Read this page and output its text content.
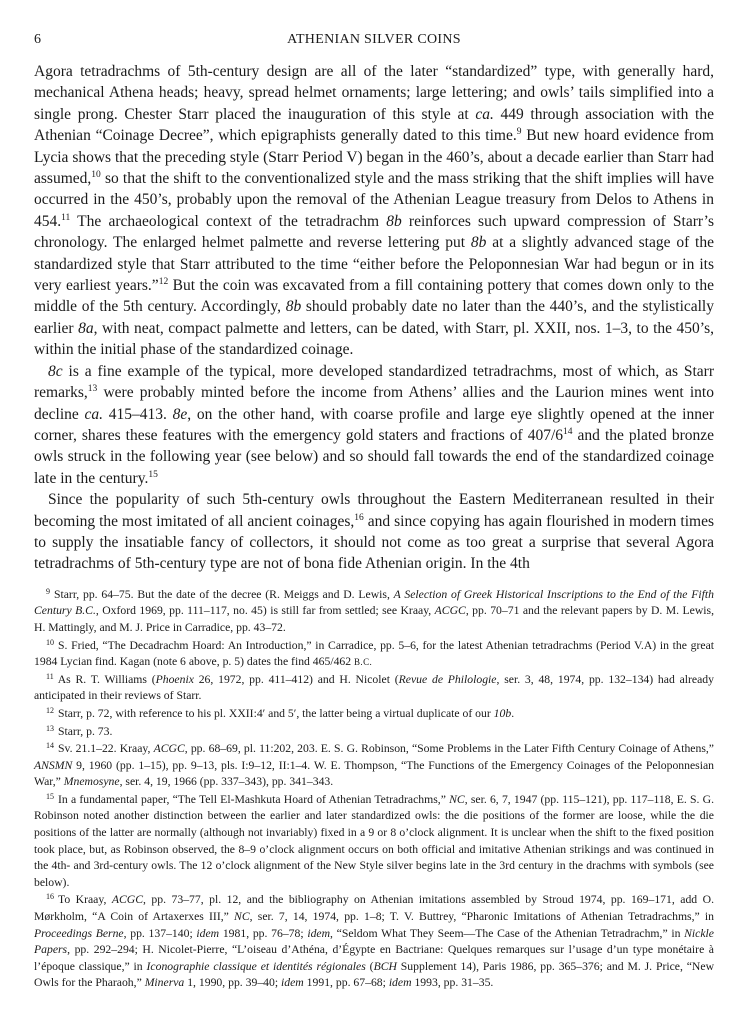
6	ATHENIAN SILVER COINS

Agora tetradrachms of 5th-century design are all of the later “standardized” type, with generally hard, mechanical Athena heads; heavy, spread helmet ornaments; large lettering; and owls’ tails simplified into a single prong. Chester Starr placed the inauguration of this style at ca. 449 through association with the Athenian “Coinage Decree”, which epigraphists generally dated to this time.$^9$ But new hoard evidence from Lycia shows that the preceding style (Starr Period V) began in the 460’s, about a decade earlier than Starr had assumed,$^{10}$ so that the shift to the conventionalized style and the mass striking that the shift implies will have occurred in the 450’s, probably upon the removal of the Athenian League treasury from Delos to Athens in 454.11 The archaeological context of the tetradrachm 8b reinforces such upward compression of Starr’s chronology. The enlarged helmet palmette and reverse lettering put 8b at a slightly advanced stage of the standardized style that Starr attributed to the time “either before the Peloponnesian War had begun or in its very earliest years.”$^{12}$ But the coin was excavated from a fill containing pottery that comes down only to the middle of the 5th century. Accordingly, 8b should probably date no later than the 440’s, and the stylistically earlier 8a, with neat, compact palmette and letters, can be dated, with Starr, pl. XXII, nos. 1–3, to the 450’s, within the initial phase of the standardized coinage.

8c is a fine example of the typical, more developed standardized tetradrachms, most of which, as Starr remarks,$^{13}$ were probably minted before the income from Athens’ allies and the Laurion mines went into decline ca. 415–413. 8e, on the other hand, with coarse profile and large eye slightly opened at the inner corner, shares these features with the emergency gold staters and fractions of $407/6^{14}$ and the plated bronze owls struck in the following year (see below) and so should fall towards the end of the standardized coinage late in the century.$^{15}$

Since the popularity of such 5th-century owls throughout the Eastern Mediterranean resulted in their becoming the most imitated of all ancient coinages,$^{16}$ and since copying has again flourished in modern times to supply the insatiable fancy of collectors, it should not come as too great a surprise that several Agora tetradrachms of 5th-century type are not of bona fide Athenian origin. In the 4th

$^9$ Starr, pp. 64–75. But the date of the decree (R. Meiggs and D. Lewis, A Selection of Greek Historical Inscriptions to the End of the Fifth Century B.C., Oxford 1969, pp. 111–117, no. 45) is still far from settled; see Kraay, ACGC, pp. 70–71 and the relevant papers by D. M. Lewis, H. Mattingly, and M. J. Price in Carradice, pp. 43–72.

$^{10}$ S. Fried, “The Decadrachm Hoard: An Introduction,” in Carradice, pp. 5–6, for the latest Athenian tetradrachms (Period V.A) in the great 1984 Lycian find. Kagan (note 6 above, p. 5) dates the find 465/462 B.C.

$^{11}$ As R. T. Williams (Phoenix 26, 1972, pp. 411–412) and H. Nicolet (Revue de Philologie, ser. 3, 48, 1974, pp. 132–134) had already anticipated in their reviews of Starr.

$^{12}$ Starr, p. 72, with reference to his pl. XXII:4′ and 5′, the latter being a virtual duplicate of our 10b.

$^{13}$ Starr, p. 73.

$^{14}$ Sv. 21.1–22. Kraay, ACGC, pp. 68–69, pl. 11:202, 203. E. S. G. Robinson, “Some Problems in the Later Fifth Century Coinage of Athens,” ANSMN 9, 1960 (pp. 1–15), pp. 9–13, pls. I:9–12, II:1–4. W. E. Thompson, “The Functions of the Emergency Coinages of the Peloponnesian War,” Mnemosyne, ser. 4, 19, 1966 (pp. 337–343), pp. 341–343.

$^{15}$ In a fundamental paper, “The Tell El-Mashkuta Hoard of Athenian Tetradrachms,” NC, ser. 6, 7, 1947 (pp. 115–121), pp. 117–118, E. S. G. Robinson noted another distinction between the earlier and later standardized owls: the die positions of the former are loose, while the die positions of the latter are normally (although not invariably) fixed in a 9 or 8 o’clock alignment. It is unclear when the shift to the fixed position took place, but, as Robinson observed, the 8–9 o’clock alignment occurs on both official and imitative Athenian strikings and was continued in the 4th- and 3rd-century owls. The 12 o’clock alignment of the New Style silver begins late in the 3rd century in the drachms with symbols (see below).

$^{16}$ To Kraay, ACGC, pp. 73–77, pl. 12, and the bibliography on Athenian imitations assembled by Stroud 1974, pp. 169–171, add O. Mørkholm, “A Coin of Artaxerxes III,” NC, ser. 7, 14, 1974, pp. 1–8; T. V. Buttrey, “Pharonic Imitations of Athenian Tetradrachms,” in Proceedings Berne, pp. 137–140; idem 1981, pp. 76–78; idem, “Seldom What They Seem—The Case of the Athenian Tetradrachm,” in Nickle Papers, pp. 292–294; H. Nicolet-Pierre, “L’oiseau d’Athéna, d’Égypte en Bactriane: Quelques remarques sur l’usage d’un type monétaire à l’époque classique,” in Iconographie classique et identités régionales (BCH Supplement 14), Paris 1986, pp. 365–376; and M. J. Price, “New Owls for the Pharaoh,” Minerva 1, 1990, pp. 39–40; idem 1991, pp. 67–68; idem 1993, pp. 31–35.
